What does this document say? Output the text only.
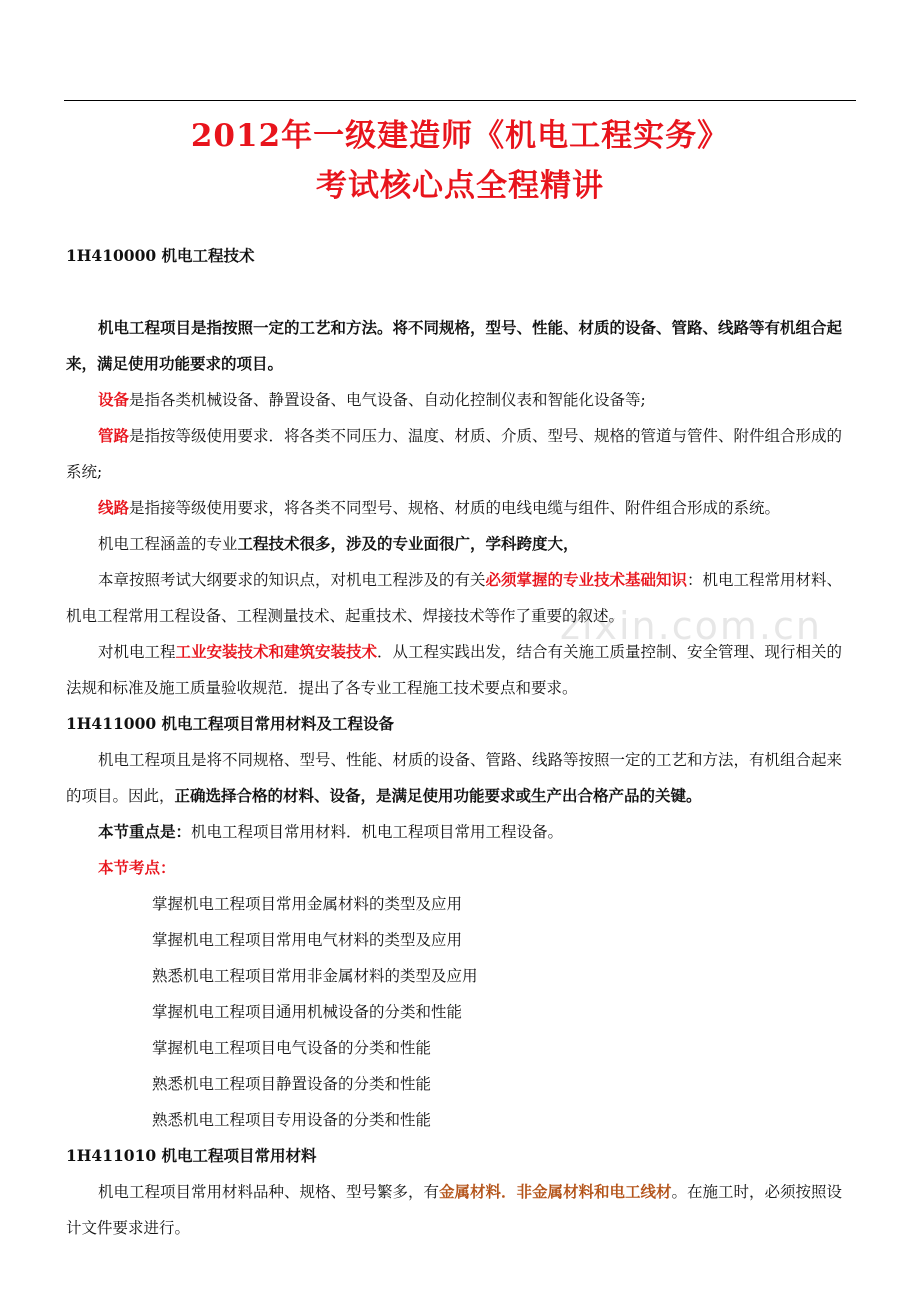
2012年一级建造师《机电工程实务》
考试核心点全程精讲
zixin.com.cn

1H410000 机电工程技术

机电工程项目是指按照一定的工艺和方法。将不同规格，型号、性能、材质的设备、管路、线路等有机组合起来，满足使用功能要求的项目。

设备是指各类机械设备、静置设备、电气设备、自动化控制仪表和智能化设备等;

管路是指按等级使用要求．将各类不同压力、温度、材质、介质、型号、规格的管道与管件、附件组合形成的系统;

线路是指接等级使用要求，将各类不同型号、规格、材质的电线电缆与组件、附件组合形成的系统。

机电工程涵盖的专业工程技术很多，涉及的专业面很广，学科跨度大，

本章按照考试大纲要求的知识点，对机电工程涉及的有关必须掌握的专业技术基础知识：机电工程常用材料、机电工程常用工程设备、工程测量技术、起重技术、焊接技术等作了重要的叙述。

对机电工程工业安装技术和建筑安装技术．从工程实践出发，结合有关施工质量控制、安全管理、现行相关的法规和标准及施工质量验收规范．提出了各专业工程施工技术要点和要求。

1H411000 机电工程项目常用材料及工程设备

机电工程项且是将不同规格、型号、性能、材质的设备、管路、线路等按照一定的工艺和方法，有机组合起来的项目。因此，正确选择合格的材料、设备，是满足使用功能要求或生产出合格产品的关键。

本节重点是：机电工程项目常用材料．机电工程项目常用工程设备。

本节考点：

掌握机电工程项目常用金属材料的类型及应用

掌握机电工程项目常用电气材料的类型及应用

熟悉机电工程项目常用非金属材料的类型及应用

掌握机电工程项目通用机械设备的分类和性能

掌握机电工程项目电气设备的分类和性能

熟悉机电工程项目静置设备的分类和性能

熟悉机电工程项目专用设备的分类和性能

1H411010 机电工程项目常用材料

机电工程项目常用材料品种、规格、型号繁多，有金属材料．非金属材料和电工线材。在施工时，必须按照设计文件要求进行。
